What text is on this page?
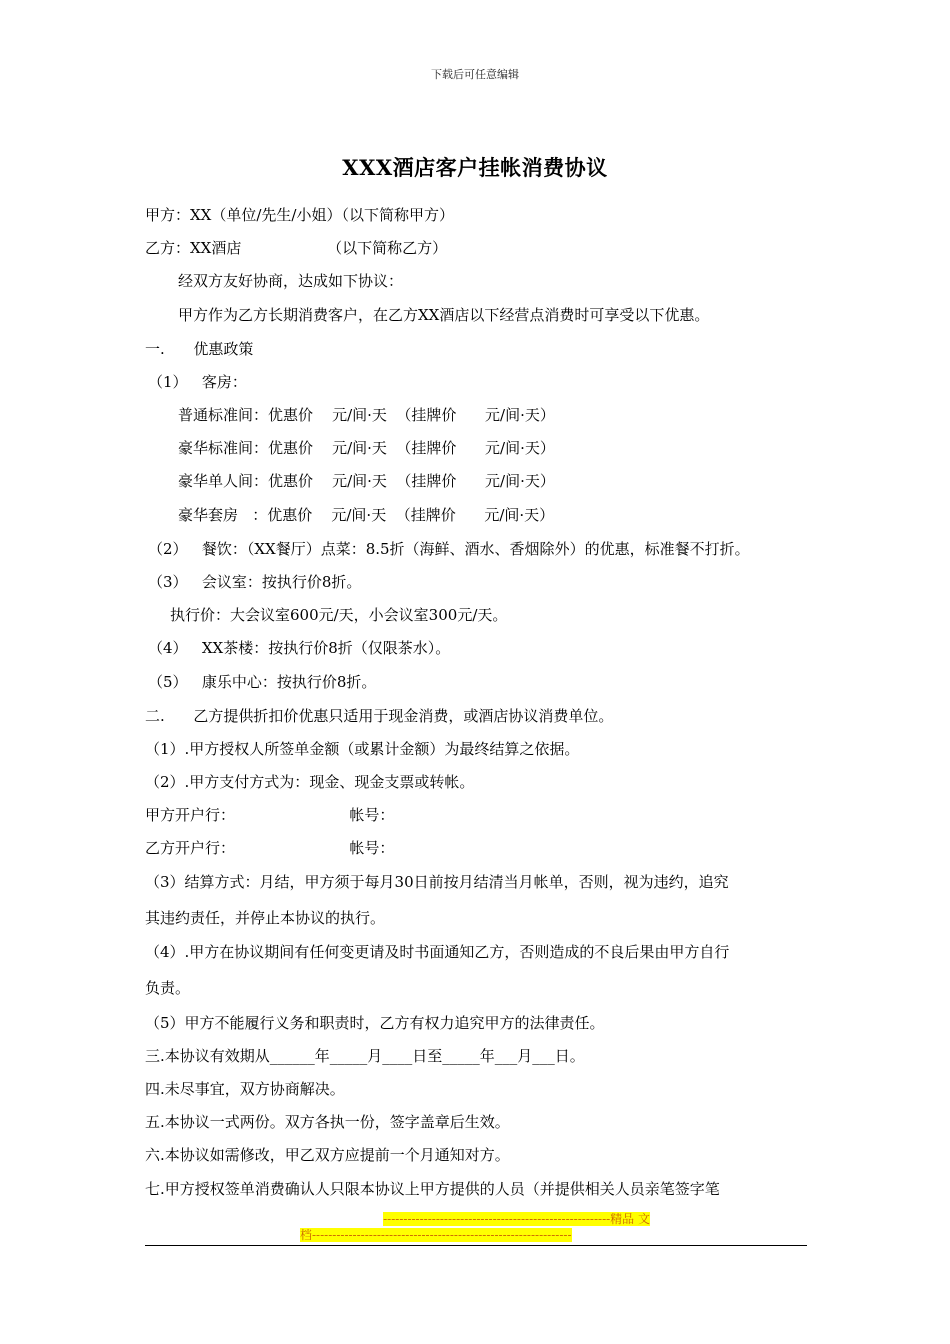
下载后可任意编辑
XXX酒店客户挂帐消费协议
甲方：XX（单位/先生/小姐）（以下简称甲方）
乙方：XX酒店                  （以下简称乙方）
经双方友好协商，达成如下协议：
甲方作为乙方长期消费客户，在乙方XX酒店以下经营点消费时可享受以下优惠。
一.      优惠政策
（1）   客房：
普通标准间：优惠价    元/间·天  （挂牌价      元/间·天）
豪华标准间：优惠价    元/间·天  （挂牌价      元/间·天）
豪华单人间：优惠价    元/间·天  （挂牌价      元/间·天）
豪华套房   ：优惠价    元/间·天  （挂牌价      元/间·天）
（2）   餐饮：（XX餐厅）点菜：8.5折（海鲜、酒水、香烟除外）的优惠，标准餐不打折。
（3）   会议室：按执行价8折。
执行价：大会议室600元/天，小会议室300元/天。
（4）   XX茶楼：按执行价8折（仅限茶水）。
（5）   康乐中心：按执行价8折。
二.      乙方提供折扣价优惠只适用于现金消费，或酒店协议消费单位。
（1）.甲方授权人所签单金额（或累计金额）为最终结算之依据。
（2）.甲方支付方式为：现金、现金支票或转帐。
甲方开户行：                        帐号：
乙方开户行：                        帐号：
（3）结算方式：月结，甲方须于每月30日前按月结清当月帐单，否则，视为违约，追究
其违约责任，并停止本协议的执行。
（4）.甲方在协议期间有任何变更请及时书面通知乙方，否则造成的不良后果由甲方自行
负责。
（5）甲方不能履行义务和职责时，乙方有权力追究甲方的法律责任。
三.本协议有效期从______年_____月____日至_____年___月___日。
四.未尽事宜，双方协商解决。
五.本协议一式两份。双方各执一份，签字盖章后生效。
六.本协议如需修改，甲乙双方应提前一个月通知对方。
七.甲方授权签单消费确认人只限本协议上甲方提供的人员（并提供相关人员亲笔签字笔
--------------------------------------------------------精品 文
档----------------------------------------------------------------
